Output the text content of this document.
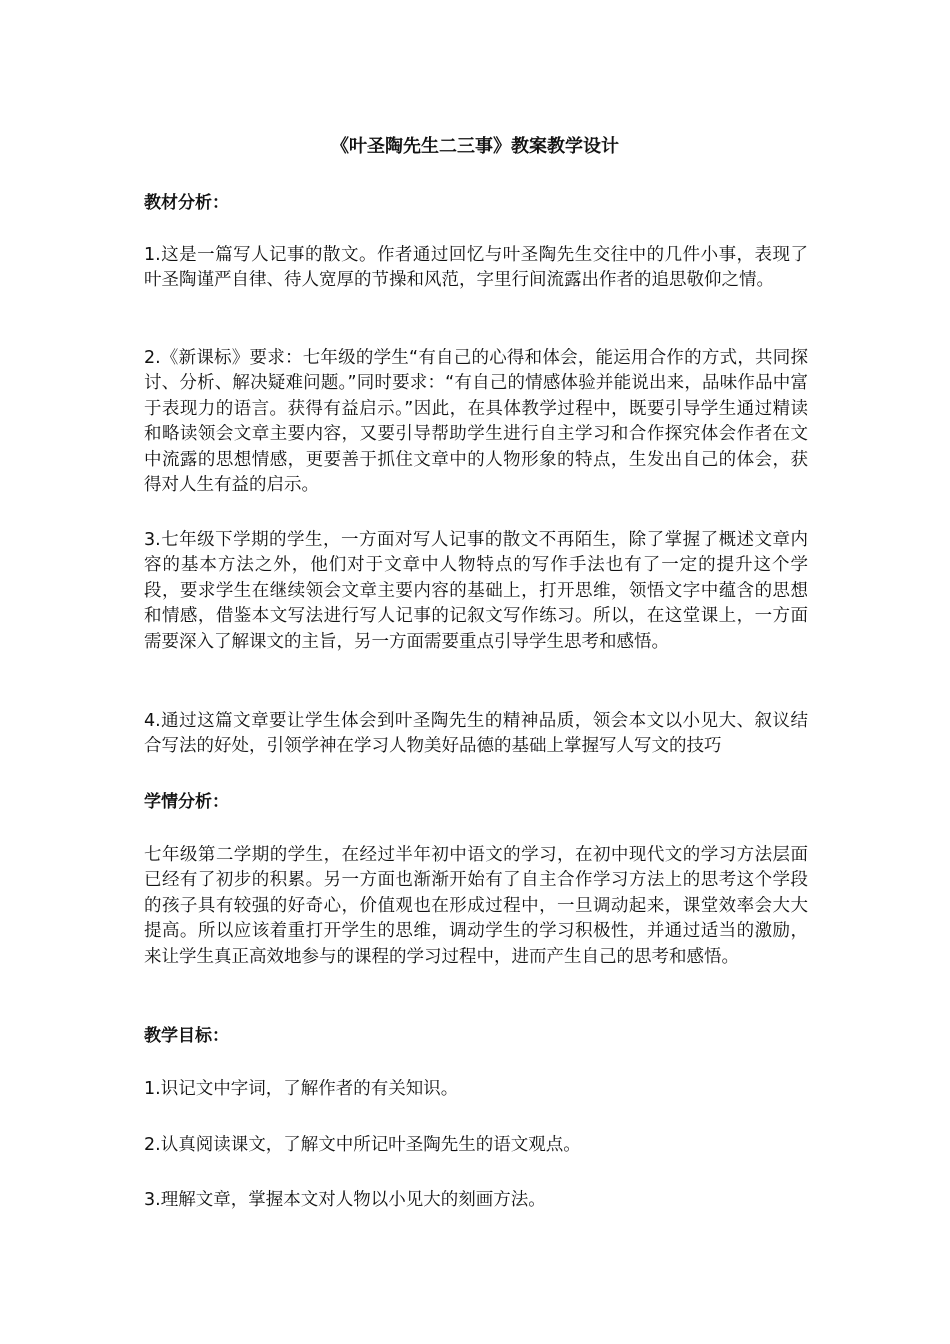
《叶圣陶先生二三事》教案教学设计
教材分析：

1.这是一篇写人记事的散文。作者通过回忆与叶圣陶先生交往中的几件小事，表现了叶圣陶谨严自律、待人宽厚的节操和风范，字里行间流露出作者的追思敬仰之情。

2.《新课标》要求：七年级的学生“有自己的心得和体会，能运用合作的方式，共同探讨、分析、解决疑难问题。”同时要求：“有自己的情感体验并能说出来，品味作品中富于表现力的语言。获得有益启示。”因此，在具体教学过程中，既要引导学生通过精读和略读领会文章主要内容，又要引导帮助学生进行自主学习和合作探究体会作者在文中流露的思想情感，更要善于抓住文章中的人物形象的特点，生发出自己的体会，获得对人生有益的启示。

3.七年级下学期的学生，一方面对写人记事的散文不再陌生，除了掌握了概述文章内容的基本方法之外，他们对于文章中人物特点的写作手法也有了一定的提升这个学段，要求学生在继续领会文章主要内容的基础上，打开思维，领悟文字中蕴含的思想和情感，借鉴本文写法进行写人记事的记叙文写作练习。所以，在这堂课上，一方面需要深入了解课文的主旨，另一方面需要重点引导学生思考和感悟。

4.通过这篇文章要让学生体会到叶圣陶先生的精神品质，领会本文以小见大、叙议结合写法的好处，引领学神在学习人物美好品德的基础上掌握写人写文的技巧

学情分析：

七年级第二学期的学生，在经过半年初中语文的学习，在初中现代文的学习方法层面已经有了初步的积累。另一方面也渐渐开始有了自主合作学习方法上的思考这个学段的孩子具有较强的好奇心，价值观也在形成过程中，一旦调动起来，课堂效率会大大提高。所以应该着重打开学生的思维，调动学生的学习积极性，并通过适当的激励，来让学生真正高效地参与的课程的学习过程中，进而产生自己的思考和感悟。

教学目标：

1.识记文中字词，了解作者的有关知识。

2.认真阅读课文，了解文中所记叶圣陶先生的语文观点。

3.理解文章，掌握本文对人物以小见大的刻画方法。
